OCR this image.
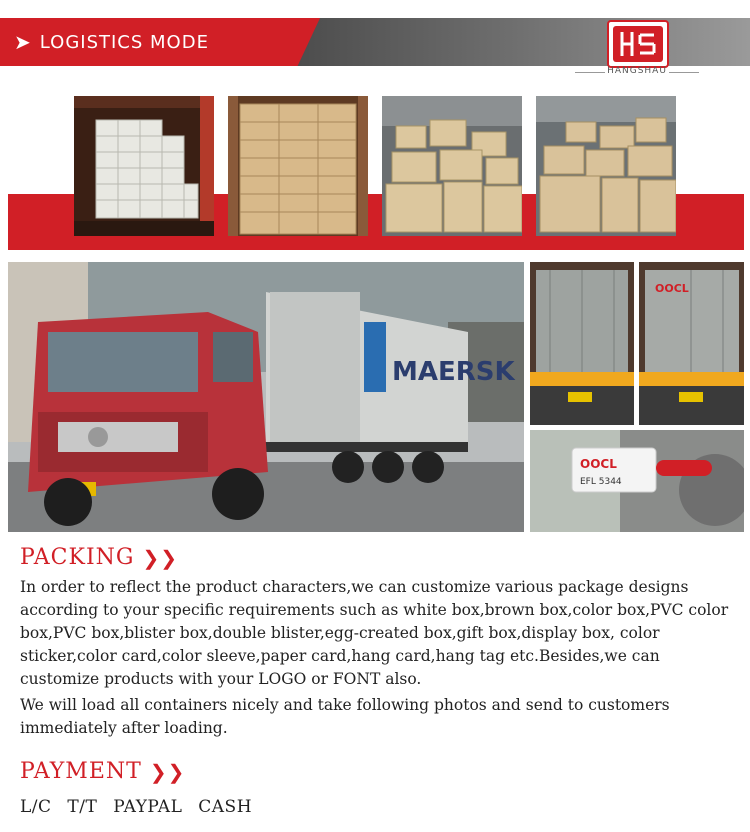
➤ LOGISTICS MODE
HANGSHAU
MAERSK
OOCL
OOCL
EFL 5344
PACKING ❯❯
In order to reflect the product characters,we can customize various package designs according to your specific requirements such as white box,brown box,color box,PVC color box,PVC box,blister box,double blister,egg-created box,gift box,display box, color sticker,color card,color sleeve,paper card,hang card,hang tag etc.Besides,we can customize products with your LOGO or FONT also.
We will load all containers nicely and take following photos and send to customers immediately after loading.
PAYMENT ❯❯
L/C T/T PAYPAL CASH
